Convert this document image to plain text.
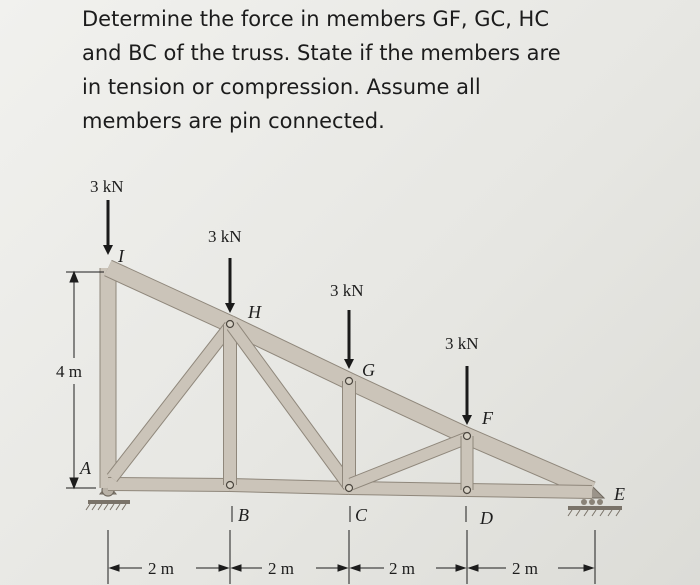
Determine the force in members GF, GC, HC
and BC of the truss. State if the members are
in tension or compression. Assume all
members are pin connected.
3 kN
3 kN
3 kN
3 kN
I
H
G
F
A
B	C	D
E
4 m
2 m	2 m	2 m	2 m
